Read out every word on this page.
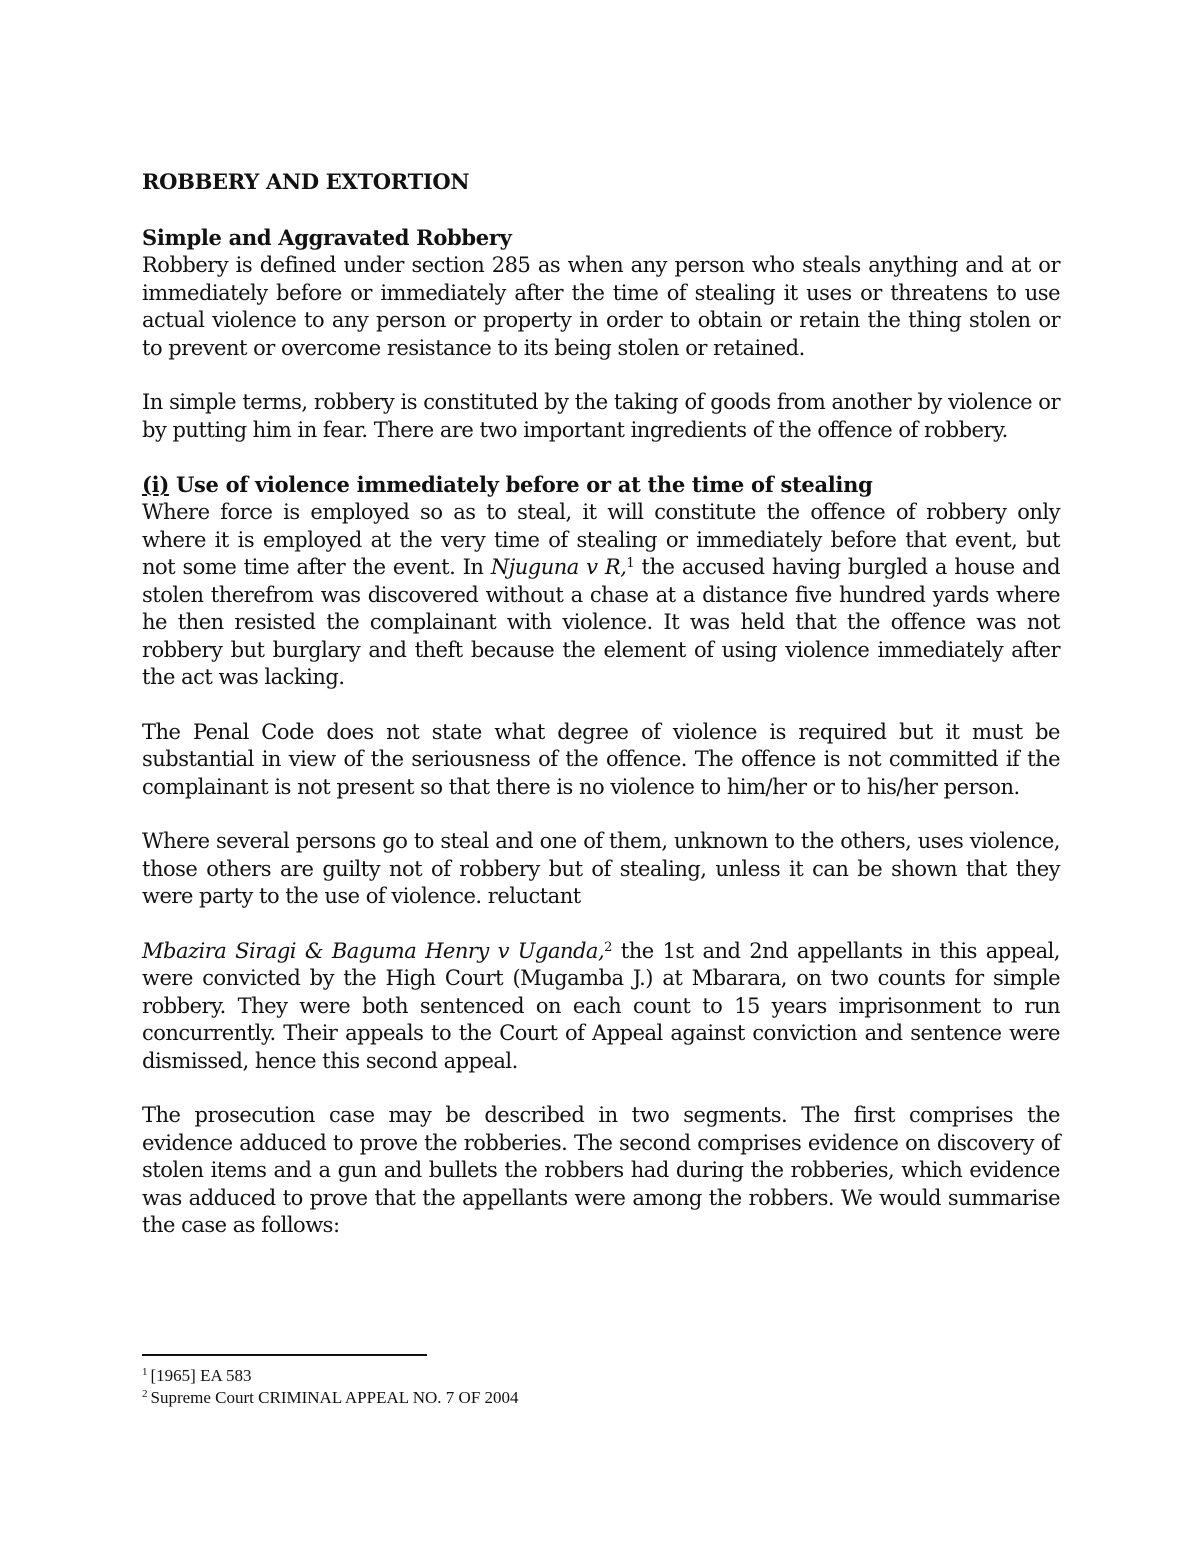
ROBBERY AND EXTORTION
Simple and Aggravated Robbery

Robbery is defined under section 285 as when any person who steals anything and at or immediately before or immediately after the time of stealing it uses or threatens to use actual violence to any person or property in order to obtain or retain the thing stolen or to prevent or overcome resistance to its being stolen or retained.

In simple terms, robbery is constituted by the taking of goods from another by violence or by putting him in fear. There are two important ingredients of the offence of robbery.

(i) Use of violence immediately before or at the time of stealing

Where force is employed so as to steal, it will constitute the offence of robbery only where it is employed at the very time of stealing or immediately before that event, but not some time after the event. In Njuguna v R,$^1$ the accused having burgled a house and stolen therefrom was discovered without a chase at a distance five hundred yards where he then resisted the complainant with violence. It was held that the offence was not robbery but burglary and theft because the element of using violence immediately after the act was lacking.

The Penal Code does not state what degree of violence is required but it must be substantial in view of the seriousness of the offence. The offence is not committed if the complainant is not present so that there is no violence to him/her or to his/her person.

Where several persons go to steal and one of them, unknown to the others, uses violence, those others are guilty not of robbery but of stealing, unless it can be shown that they were party to the use of violence. reluctant

Mbazira Siragi & Baguma Henry v Uganda,$^2$ the 1st and 2nd appellants in this appeal, were convicted by the High Court (Mugamba J.) at Mbarara, on two counts for simple robbery. They were both sentenced on each count to 15 years imprisonment to run concurrently. Their appeals to the Court of Appeal against conviction and sentence were dismissed, hence this second appeal.

The prosecution case may be described in two segments. The first comprises the evidence adduced to prove the robberies. The second comprises evidence on discovery of stolen items and a gun and bullets the robbers had during the robberies, which evidence was adduced to prove that the appellants were among the robbers. We would summarise the case as follows:

$^1$ [1965] EA 583

$^2$ Supreme Court CRIMINAL APPEAL NO. 7 OF 2004
